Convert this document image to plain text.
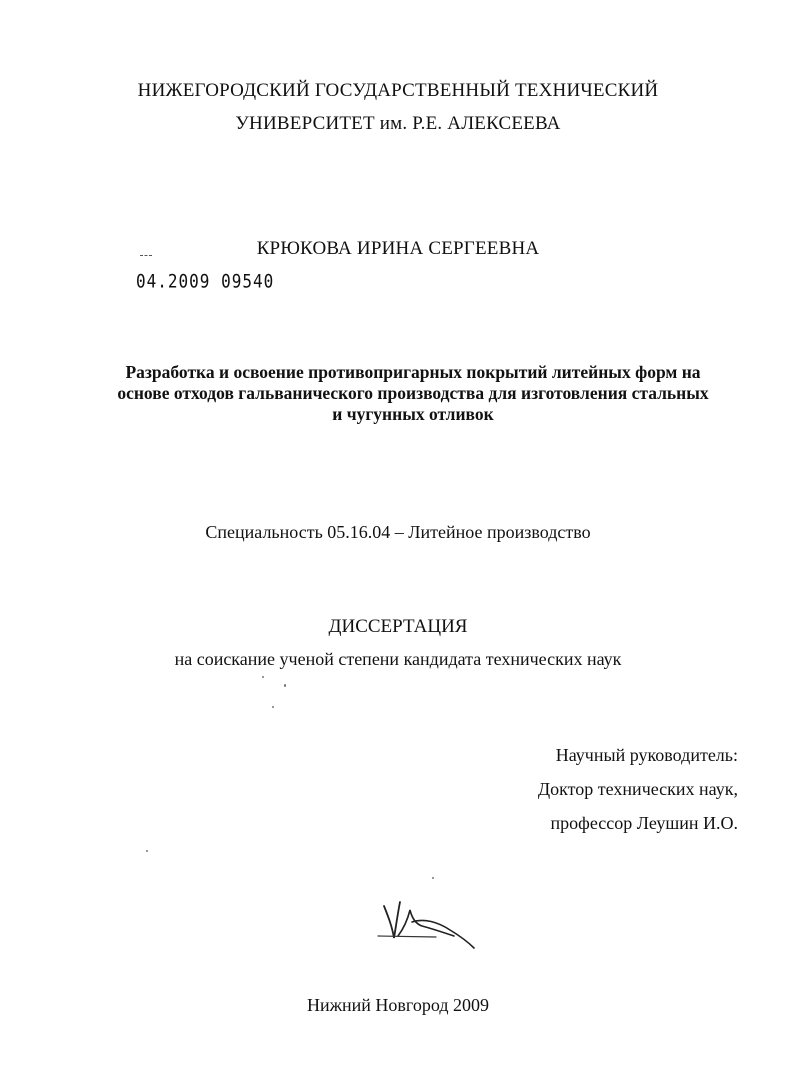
НИЖЕГОРОДСКИЙ ГОСУДАРСТВЕННЫЙ ТЕХНИЧЕСКИЙ
УНИВЕРСИТЕТ им. Р.Е. АЛЕКСЕЕВА
КРЮКОВА ИРИНА СЕРГЕЕВНА
04.2009 09540
Разработка и освоение противопригарных покрытий литейных форм на
основе отходов гальванического производства для изготовления стальных
и чугунных отливок
Специальность 05.16.04 – Литейное производство
ДИССЕРТАЦИЯ
на соискание ученой степени кандидата технических наук
Научный руководитель:
Доктор технических наук,
профессор Леушин И.О.
Нижний Новгород 2009
